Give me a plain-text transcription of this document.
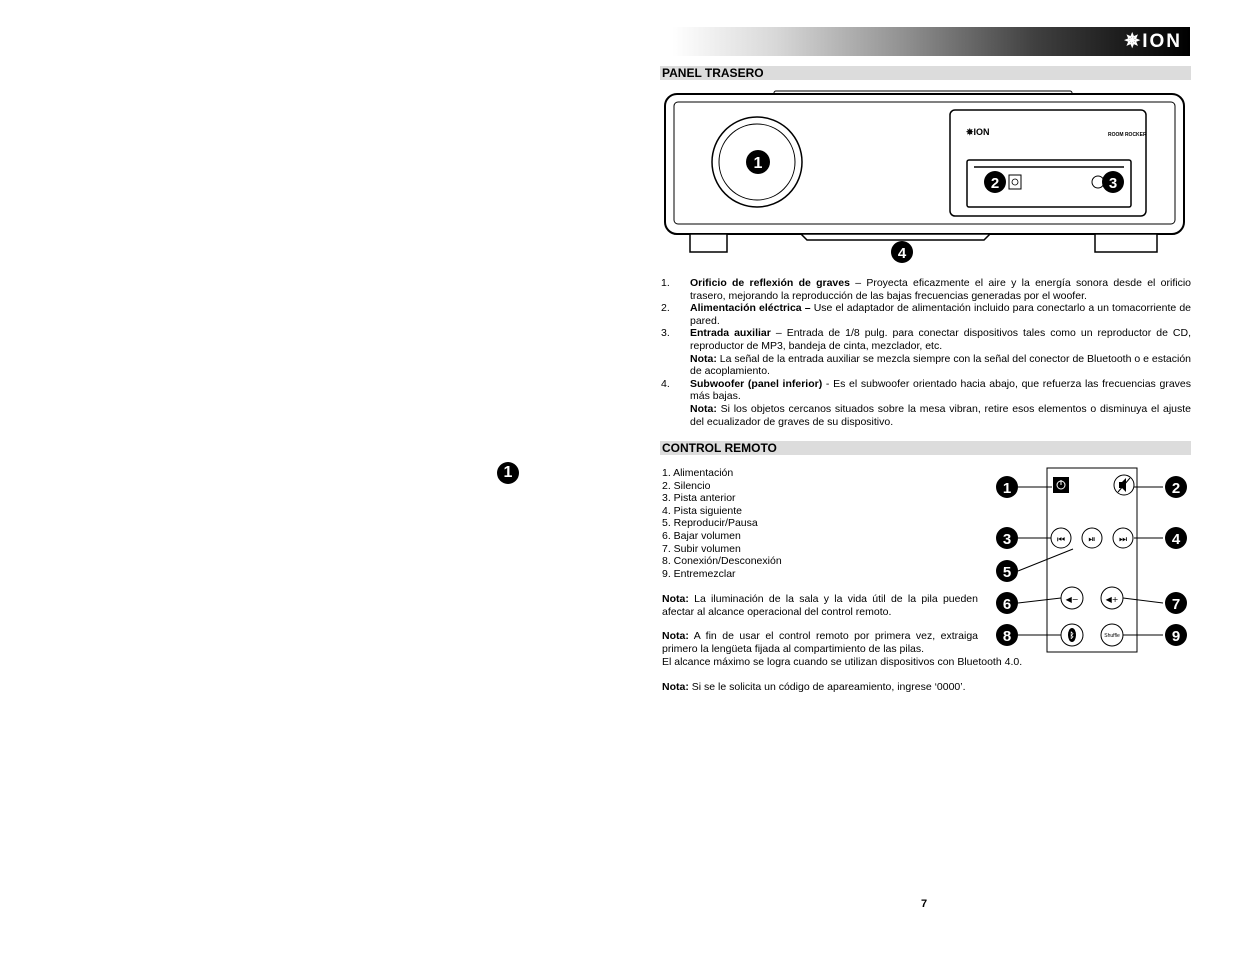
✵ION
PANEL TRASERO
✵ION	ROOM ROCKER
1
2	3
4
1.	Orificio de reflexión de graves – Proyecta eficazmente el aire y la energía sonora desde el orificio trasero, mejorando la reproducción de las bajas frecuencias generadas por el woofer.
2.	Alimentación eléctrica – Use el adaptador de alimentación incluido para conectarlo a un tomacorriente de pared.
3.	Entrada auxiliar – Entrada de 1/8 pulg. para conectar dispositivos tales como un reproductor de CD, reproductor de MP3, bandeja de cinta, mezclador, etc.
Nota: La señal de la entrada auxiliar se mezcla siempre con la señal del conector de Bluetooth o e estación de acoplamiento.
4.	Subwoofer (panel inferior) - Es el subwoofer orientado hacia abajo, que refuerza las frecuencias graves más bajas.
Nota: Si los objetos cercanos situados sobre la mesa vibran, retire esos elementos o disminuya el ajuste del ecualizador de graves de su dispositivo.
CONTROL REMOTO
1. Alimentación
2. Silencio
3. Pista anterior
4. Pista siguiente
5. Reproducir/Pausa
6. Bajar volumen
7. Subir volumen
8. Conexión/Desconexión
9. Entremezclar
Nota: La iluminación de la sala y la vida útil de la pila pueden afectar al alcance operacional del control remoto.
Nota: A fin de usar el control remoto por primera vez, extraiga primero la lengüeta fijada al compartimiento de las pilas.
El alcance máximo se logra cuando se utilizan dispositivos con Bluetooth 4.0.
Nota: Si se le solicita un código de apareamiento, ingrese ‘0000’.
⏮	⏯	⏭
◀−	◀+
ᛒ	Shuffle
1	2
3	4
5
6	7
8	9
1
7
